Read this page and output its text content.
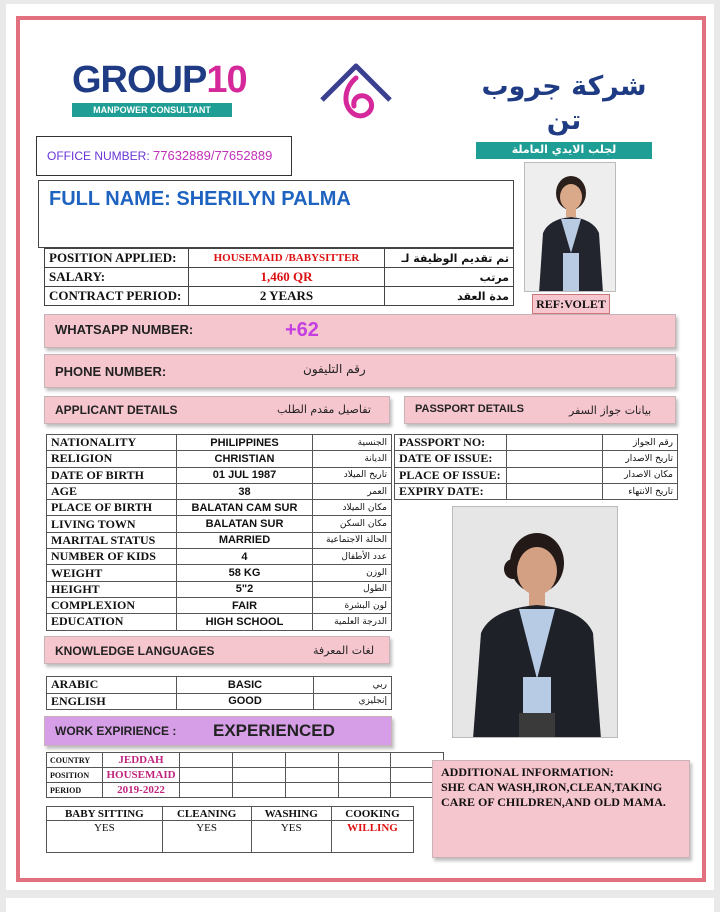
GROUP10
MANPOWER CONSULTANT
شركة جروب تن
لجلب الايدي العاملة
OFFICE NUMBER: 77632889/77652889
FULL NAME: SHERILYN PALMA
REF:VOLET
POSITION APPLIED:	HOUSEMAID /BABYSITTER	تم تقديم الوظيفة لـ
SALARY:	1,460 QR	مرتب
CONTRACT PERIOD:	2 YEARS	مدة العقد
WHATSAPP NUMBER:	+62
PHONE NUMBER:	رقم التليفون
APPLICANT DETAILS	تفاصيل مقدم الطلب	PASSPORT DETAILS	بيانات جواز السفر
NATIONALITY	PHILIPPINES	الجنسية
RELIGION	CHRISTIAN	الديانة
DATE OF BIRTH	01 JUL 1987	تاريخ الميلاد
AGE	38	العمر
PLACE OF BIRTH	BALATAN CAM SUR	مكان الميلاد
LIVING TOWN	BALATAN SUR	مكان السكن
MARITAL STATUS	MARRIED	الحالة الاجتماعية
NUMBER OF KIDS	4	عدد الأطفال
WEIGHT	58 KG	الوزن
HEIGHT	5"2	الطول
COMPLEXION	FAIR	لون البشرة
EDUCATION	HIGH SCHOOL	الدرجة العلمية
PASSPORT NO:		رقم الجواز
DATE OF ISSUE:		تاريخ الاصدار
PLACE OF ISSUE:		مكان الاصدار
EXPIRY DATE:		تاريخ الانتهاء
KNOWLEDGE LANGUAGES	لغات المعرفة
ARABIC	BASIC	ربي
ENGLISH	GOOD	إنجليزي
WORK EXPIRIENCE : EXPERIENCED
COUNTRY	JEDDAH					
POSITION	HOUSEMAID					
PERIOD	2019-2022					
BABY SITTING	CLEANING	WASHING	COOKING
YES	YES	YES	WILLING
ADDITIONAL INFORMATION:
SHE CAN WASH,IRON,CLEAN,TAKING CARE OF CHILDREN,AND OLD MAMA.
